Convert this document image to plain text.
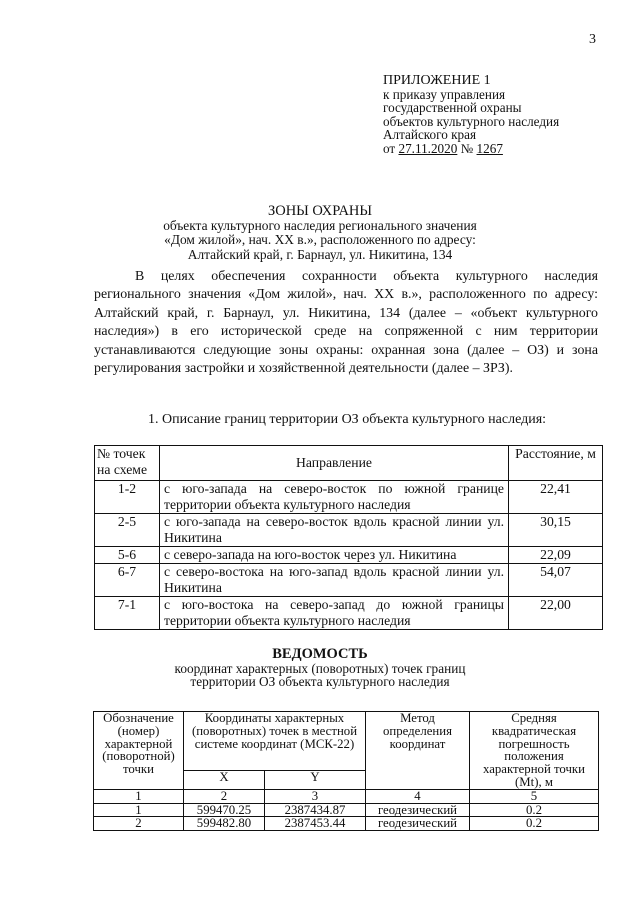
3
ПРИЛОЖЕНИЕ 1
к приказу управления
государственной охраны
объектов культурного наследия
Алтайского края
от 27.11.2020 № 1267
ЗОНЫ ОХРАНЫ
объекта культурного наследия регионального значения
«Дом жилой», нач. XX в.», расположенного по адресу:
Алтайский край, г. Барнаул, ул. Никитина, 134

В целях обеспечения сохранности объекта культурного наследия регионального значения «Дом жилой», нач. XX в.», расположенного по адресу: Алтайский край, г. Барнаул, ул. Никитина, 134 (далее – «объект культурного наследия») в его исторической среде на сопряженной с ним территории устанавливаются следующие зоны охраны: охранная зона (далее – ОЗ) и зона регулирования застройки и хозяйственной деятельности (далее – ЗРЗ).

1. Описание границ территории ОЗ объекта культурного наследия:
№ точек на схеме	Направление	Расстояние, м
1-2	с юго-запада на северо-восток по южной границе территории объекта культурного наследия	22,41
2-5	с юго-запада на северо-восток вдоль красной линии ул. Никитина	30,15
5-6	с северо-запада на юго-восток через ул. Никитина	22,09
6-7	с северо-востока на юго-запад вдоль красной линии ул. Никитина	54,07
7-1	с юго-востока на северо-запад до южной границы территории объекта культурного наследия	22,00
ВЕДОМОСТЬ
координат характерных (поворотных) точек границ
территории ОЗ объекта культурного наследия
Обозначение (номер) характерной (поворотной) точки	Координаты характерных (поворотных) точек в местной системе координат (МСК-22)		Метод определения координат	Средняя квадратическая погрешность положения характерной точки (Mt), м
	X	Y		
1	2	3	4	5
1	599470.25	2387434.87	геодезический	0.2
2	599482.80	2387453.44	геодезический	0.2
